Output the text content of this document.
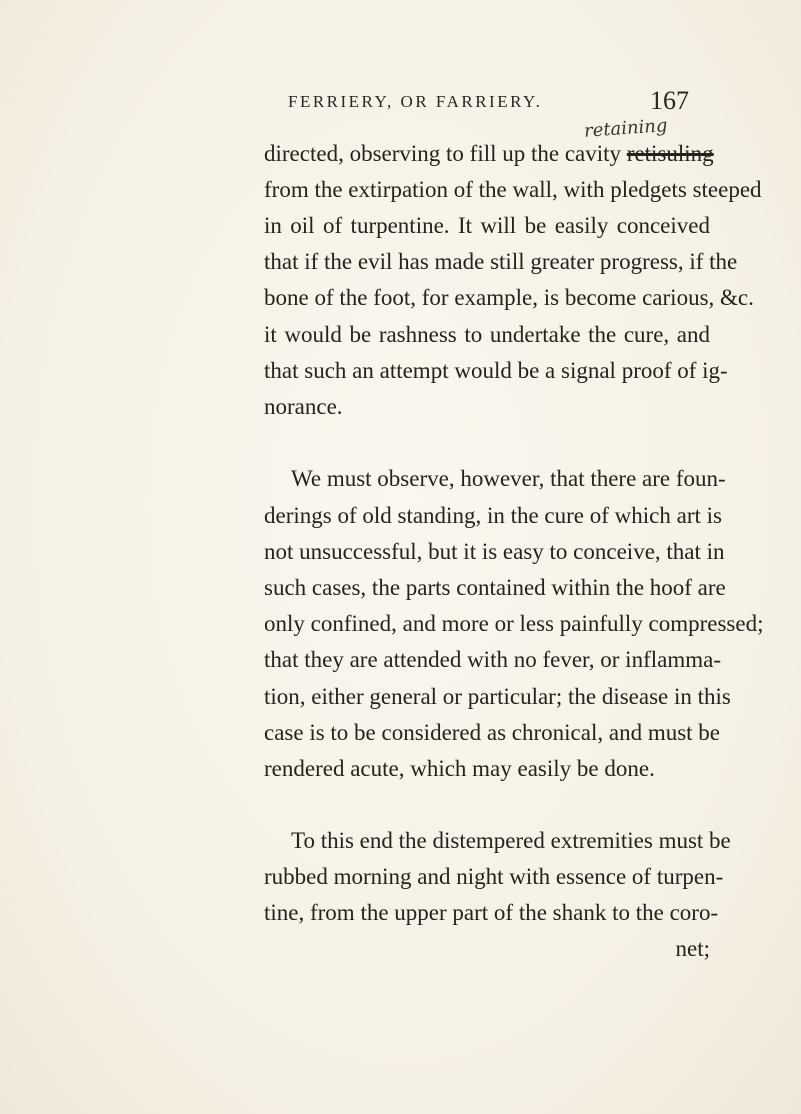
FERRIERY, OR FARRIERY.	167
retaining
directed, observing to fill up the cavity retisuling
from the extirpation of the wall, with pledgets steeped
in oil of turpentine. It will be easily conceived
that if the evil has made still greater progress, if the
bone of the foot, for example, is become carious, &c.
it would be rashness to undertake the cure, and
that such an attempt would be a signal proof of ig-
norance.
We must observe, however, that there are foun-
derings of old standing, in the cure of which art is
not unsuccessful, but it is easy to conceive, that in
such cases, the parts contained within the hoof are
only confined, and more or less painfully compressed;
that they are attended with no fever, or inflamma-
tion, either general or particular; the disease in this
case is to be considered as chronical, and must be
rendered acute, which may easily be done.
To this end the distempered extremities must be
rubbed morning and night with essence of turpen-
tine, from the upper part of the shank to the coro-
net;
